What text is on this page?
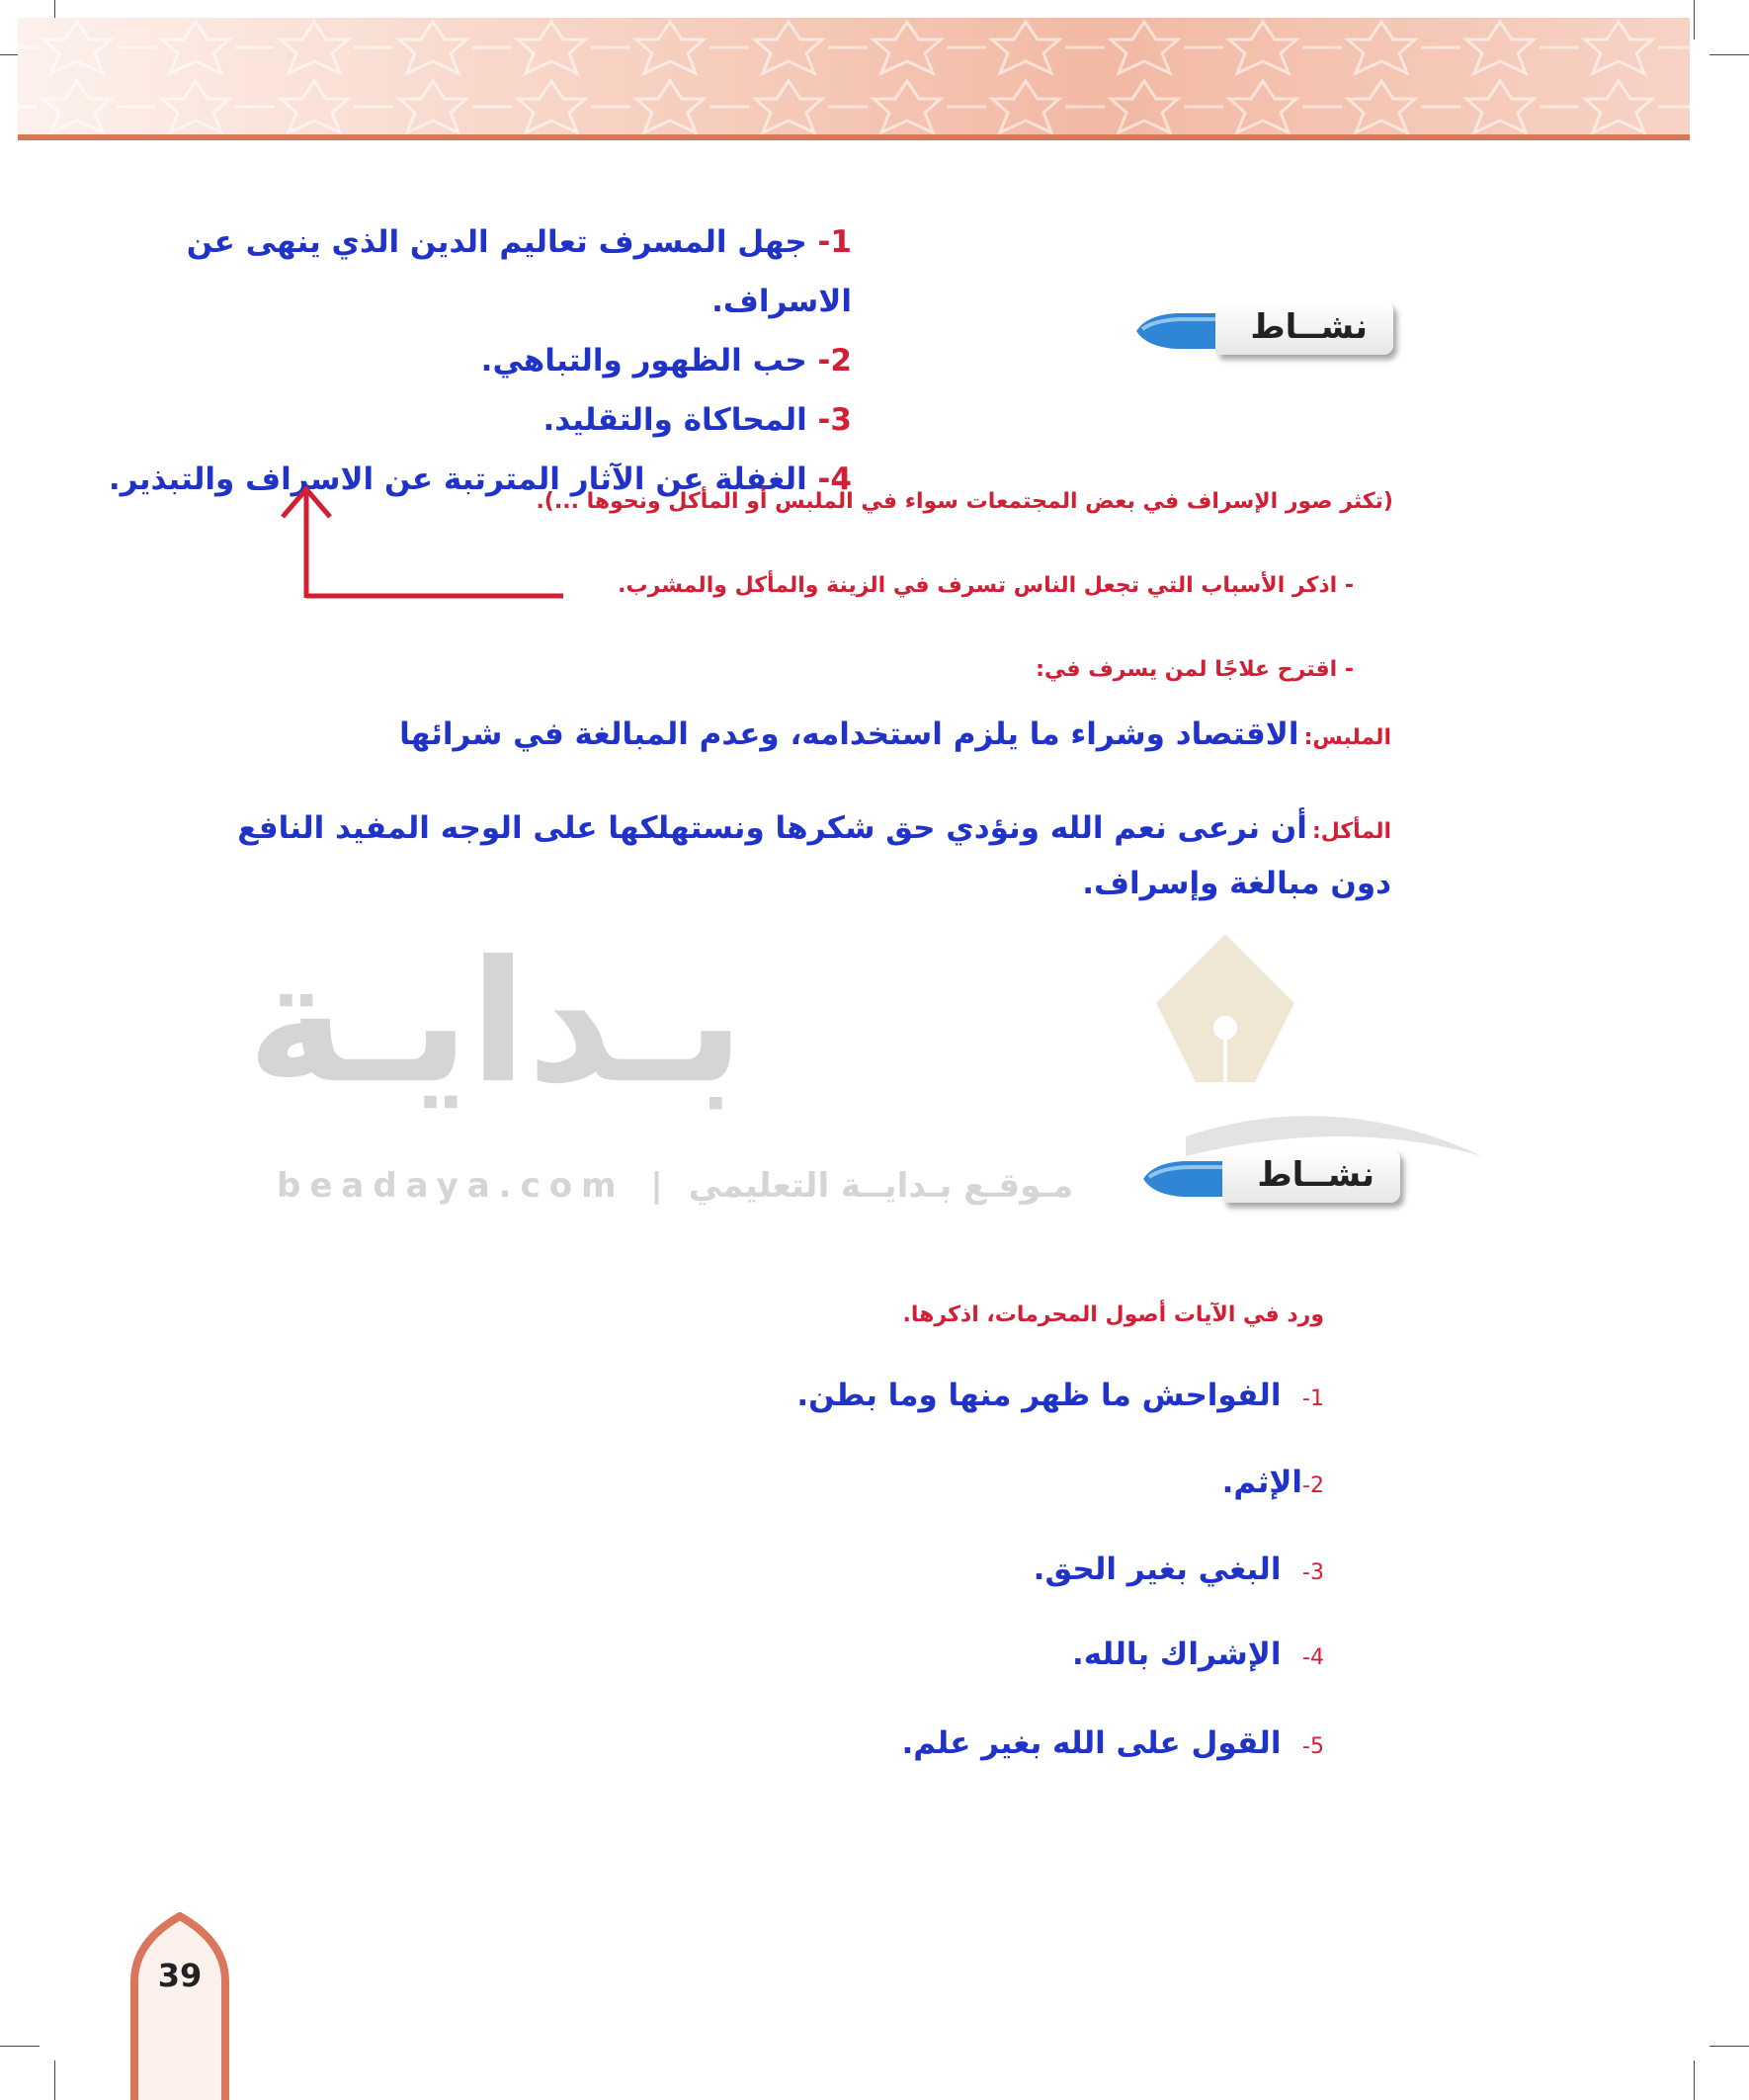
نشــاط
1- جهل المسرف تعاليم الدين الذي ينهى عن الاسراف.
2- حب الظهور والتباهي.
3- المحاكاة والتقليد.
4- الغفلة عن الآثار المترتبة عن الاسراف والتبذير.
(تكثر صور الإسراف في بعض المجتمعات سواء في الملبس أو المأكل ونحوها ...).
- اذكر الأسباب التي تجعل الناس تسرف في الزينة والمأكل والمشرب.
- اقترح علاجًا لمن يسرف في:
الملبس: الاقتصاد وشراء ما يلزم استخدامه، وعدم المبالغة في شرائها
المأكل: أن نرعى نعم الله ونؤدي حق شكرها ونستهلكها على الوجه المفيد النافع دون مبالغة وإسراف.
بـدايـة
beadaya.com | مـوقـع بـدايــة التعليمي	نشــاط
ورد في الآيات أصول المحرمات، اذكرها.
1-  الفواحش ما ظهر منها وما بطن.
2-الإثم.
3-  البغي بغير الحق.
4-  الإشراك بالله.
5-  القول على الله بغير علم.
39
